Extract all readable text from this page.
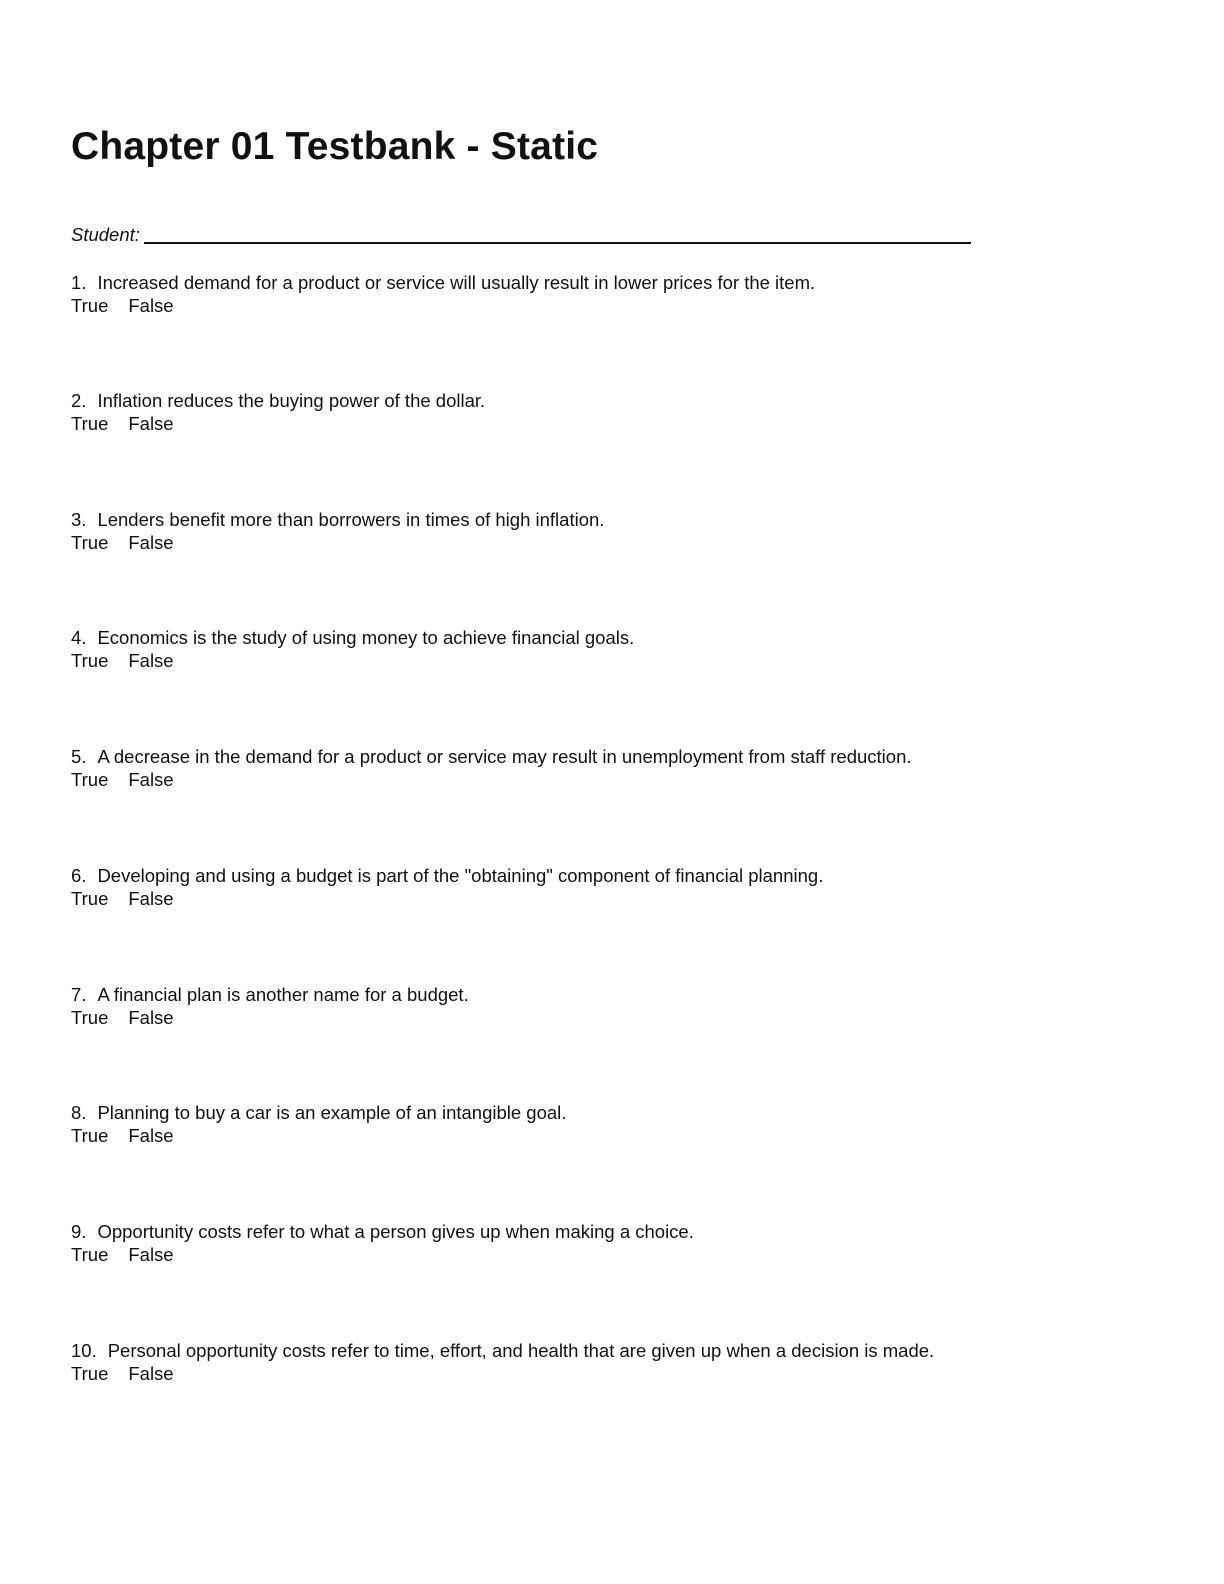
Chapter 01 Testbank - Static
Student:
1. Increased demand for a product or service will usually result in lower prices for the item.
True False
2. Inflation reduces the buying power of the dollar.
True False
3. Lenders benefit more than borrowers in times of high inflation.
True False
4. Economics is the study of using money to achieve financial goals.
True False
5. A decrease in the demand for a product or service may result in unemployment from staff reduction.
True False
6. Developing and using a budget is part of the "obtaining" component of financial planning.
True False
7. A financial plan is another name for a budget.
True False
8. Planning to buy a car is an example of an intangible goal.
True False
9. Opportunity costs refer to what a person gives up when making a choice.
True False
10. Personal opportunity costs refer to time, effort, and health that are given up when a decision is made.
True False
